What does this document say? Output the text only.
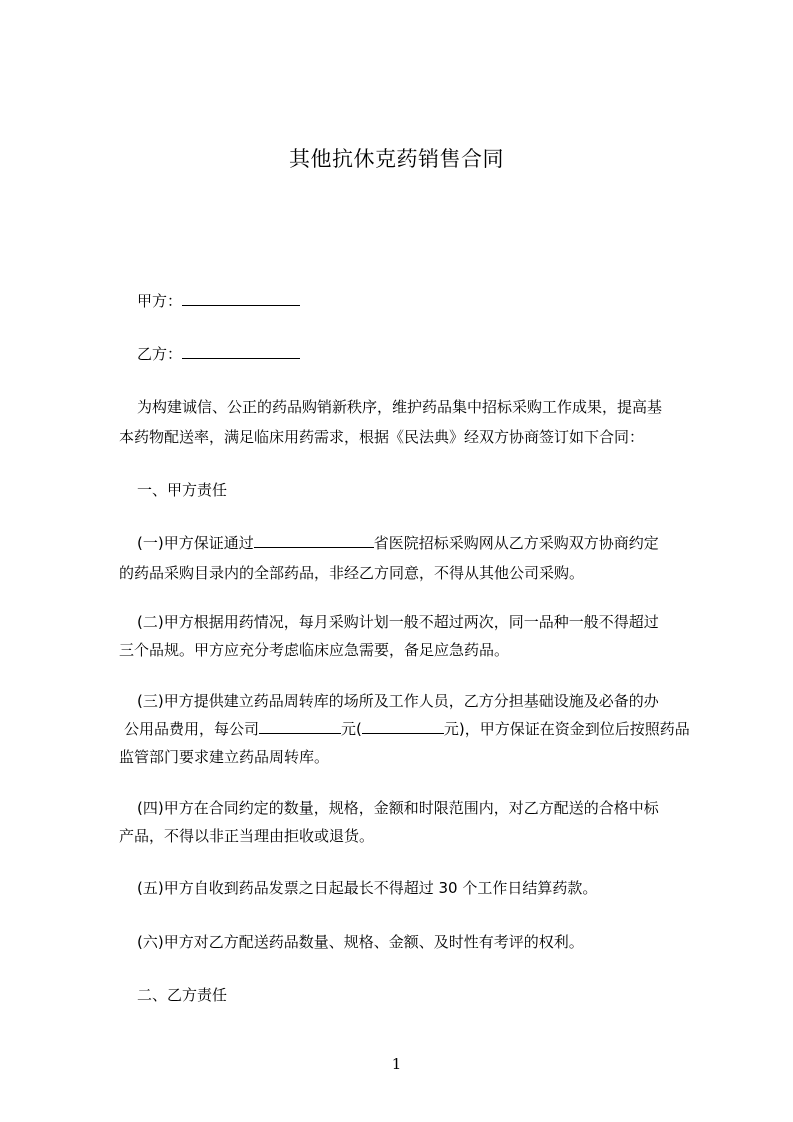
其他抗休克药销售合同
甲方：
乙方：
为构建诚信、公正的药品购销新秩序，维护药品集中招标采购工作成果，提高基
本药物配送率，满足临床用药需求，根据《民法典》经双方协商签订如下合同：
一、甲方责任
(一)甲方保证通过	省医院招标采购网从乙方采购双方协商约定
的药品采购目录内的全部药品，非经乙方同意，不得从其他公司采购。
(二)甲方根据用药情况，每月采购计划一般不超过两次，同一品种一般不得超过
三个品规。甲方应充分考虑临床应急需要，备足应急药品。
(三)甲方提供建立药品周转库的场所及工作人员，乙方分担基础设施及必备的办
公用品费用，每公司	元(	元)，甲方保证在资金到位后按照药品
监管部门要求建立药品周转库。
(四)甲方在合同约定的数量，规格，金额和时限范围内，对乙方配送的合格中标
产品，不得以非正当理由拒收或退货。
(五)甲方自收到药品发票之日起最长不得超过 30 个工作日结算药款。
(六)甲方对乙方配送药品数量、规格、金额、及时性有考评的权利。
二、乙方责任
1
